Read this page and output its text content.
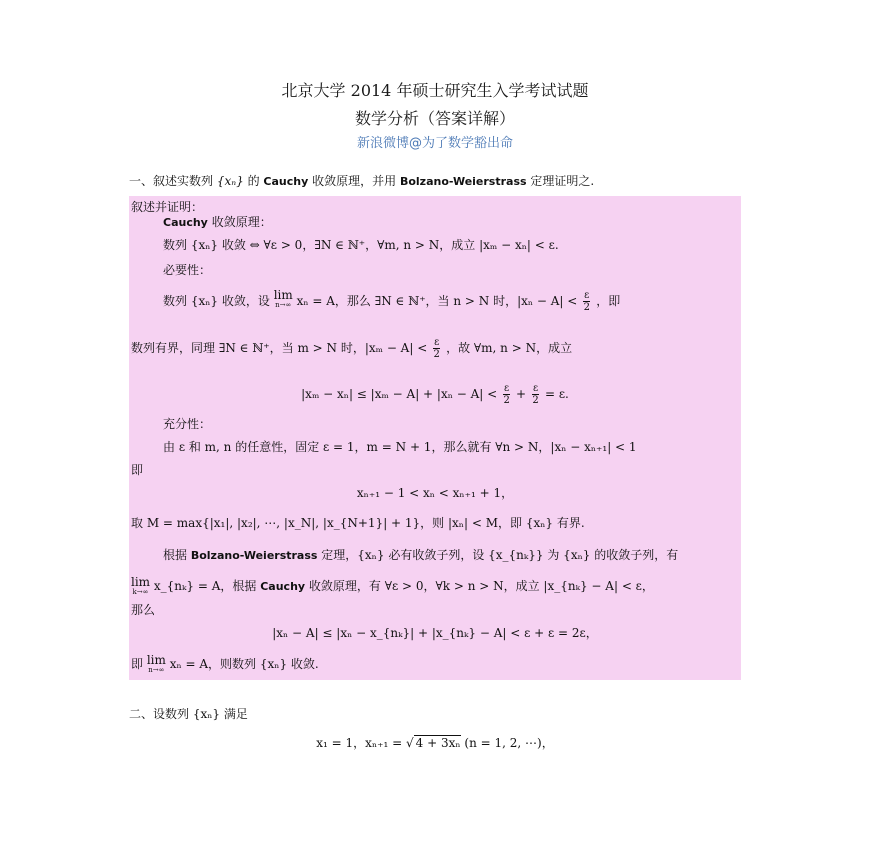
北京大学 2014 年硕士研究生入学考试试题
数学分析（答案详解）
新浪微博@为了数学豁出命
一、叙述实数列 {xₙ} 的 Cauchy 收敛原理，并用 Bolzano-Weierstrass 定理证明之.
叙述并证明：
Cauchy 收敛原理：
数列 {xₙ} 收敛 ⇔ ∀ε > 0，∃N ∈ ℕ⁺，∀m, n > N，成立 |xₘ − xₙ| < ε.
必要性：
数列 {xₙ} 收敛，设 lim
n→∞ xₙ = A，那么 ∃N ∈ ℕ⁺，当 n > N 时，$|x_n - A| < \frac{\varepsilon}{2}$ ，即
数列有界，同理 ∃N ∈ ℕ⁺，当 m > N 时，$|x_m - A| < \frac{\varepsilon}{2}$ ，故 ∀m, n > N，成立
$|x_m - x_n| \le |x_m - A| + |x_n - A| < \frac{\varepsilon}{2} + \frac{\varepsilon}{2} = \varepsilon$.
充分性：
由 ε 和 m, n 的任意性，固定 ε = 1，m = N + 1，那么就有 ∀n > N，|xₙ − xₙ₊₁| < 1
即
xₙ₊₁ − 1 < xₙ < xₙ₊₁ + 1，
取 M = max{|x₁|, |x₂|, ⋯, |x_N|, |x_{N+1}| + 1}，则 |xₙ| < M，即 {xₙ} 有界.
根据 Bolzano-Weierstrass 定理，{xₙ} 必有收敛子列，设 {x_{nₖ}} 为 {xₙ} 的收敛子列，有
lim
k→∞ x_{nₖ} = A，根据 Cauchy 收敛原理，有 ∀ε > 0，∀k > n > N，成立 |x_{nₖ} − A| < ε，
那么
|xₙ − A| ≤ |xₙ − x_{nₖ}| + |x_{nₖ} − A| < ε + ε = 2ε，
即 lim
n→∞ xₙ = A，则数列 {xₙ} 收敛.
二、设数列 {xₙ} 满足
x₁ = 1，xₙ₊₁ = √ 4 + 3xₙ (n = 1, 2, ⋯)，
